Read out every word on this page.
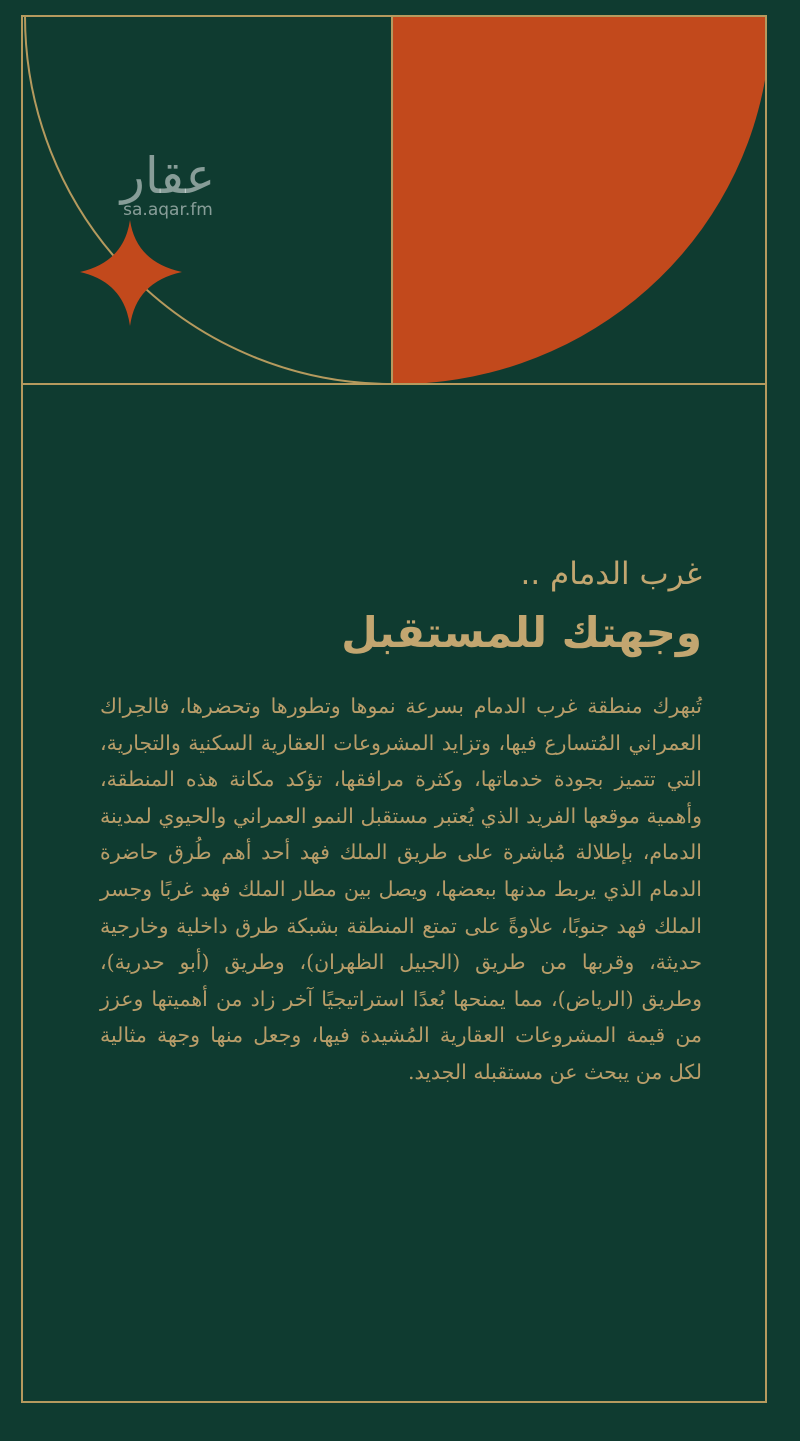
عقار
sa.aqar.fm

غرب الدمام ..

وجهتك للمستقبل

تُبهرك منطقة غرب الدمام بسرعة نموها وتطورها وتحضرها، فالحِراك العمراني المُتسارع فيها، وتزايد المشروعات العقارية السكنية والتجارية، التي تتميز بجودة خدماتها، وكثرة مرافقها، تؤكد مكانة هذه المنطقة، وأهمية موقعها الفريد الذي يُعتبر مستقبل النمو العمراني والحيوي لمدينة الدمام، بإطلالة مُباشرة على طريق الملك فهد أحد أهم طُرق حاضرة الدمام الذي يربط مدنها ببعضها، ويصل بين مطار الملك فهد غربًا وجسر الملك فهد جنوبًا، علاوةً على تمتع المنطقة بشبكة طرق داخلية وخارجية حديثة، وقربها من طريق (الجبيل الظهران)، وطريق (أبو حدرية)، وطريق (الرياض)، مما يمنحها بُعدًا استراتيجيًا آخر زاد من أهميتها وعزز من قيمة المشروعات العقارية المُشيدة فيها، وجعل منها وجهة مثالية لكل من يبحث عن مستقبله الجديد.
